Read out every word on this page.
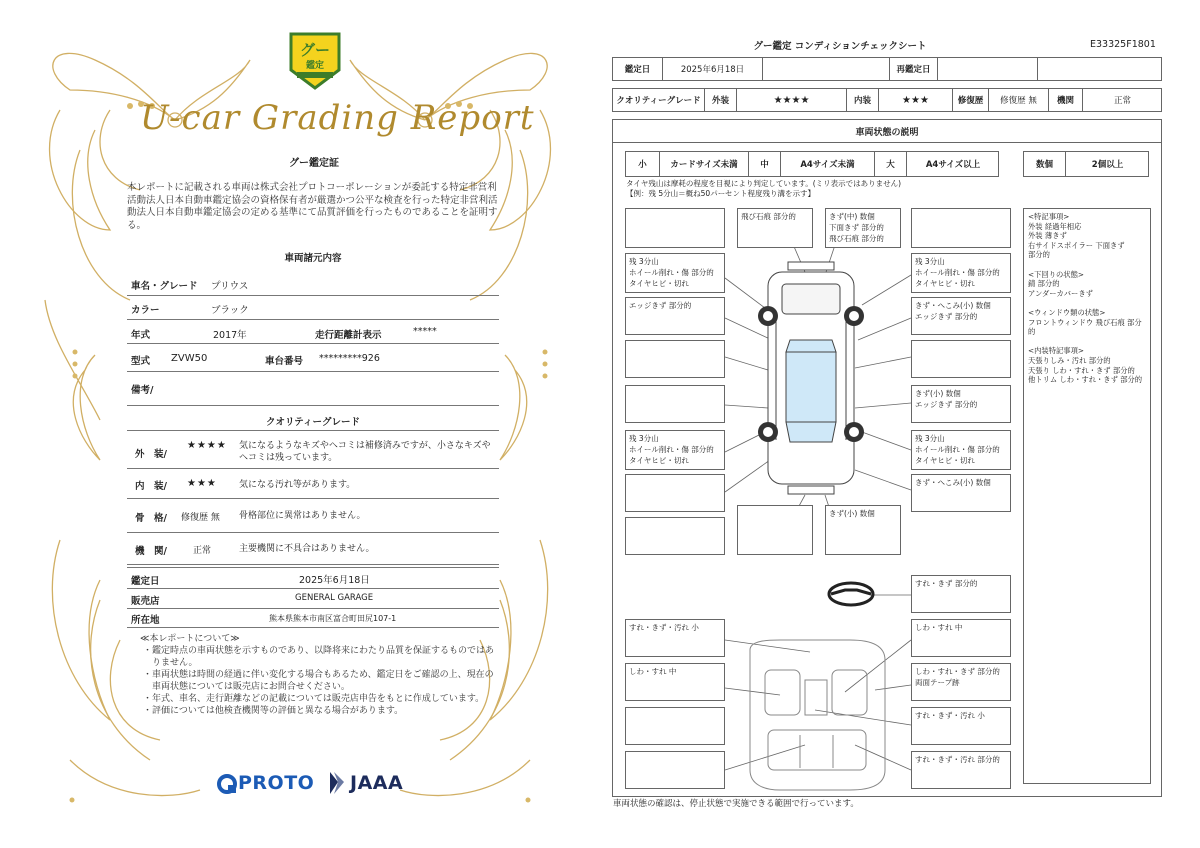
グー
鑑定
U-car Grading Report
グー鑑定証
本レポートに記載される車両は株式会社プロトコーポレーションが委託する特定非営利活動法人日本自動車鑑定協会の資格保有者が厳選かつ公平な検査を行った特定非営利活動法人日本自動車鑑定協会の定める基準にて品質評価を行ったものであることを証明する。
車両諸元内容
車名・グレード プリウス
カラー	ブラック
年式	2017年	走行距離計表示	*****
型式 ZVW50	車台番号 *********926
備考/
クオリティーグレード
外　装/
★★★★ 気になるようなキズやヘコミは補修済みですが、小さなキズやヘコミは残っています。
内　装/ ★★★ 気になる汚れ等があります。
骨　格/ 修復歴 無 骨格部位に異常はありません。
機　関/	正常	主要機関に不具合はありません。
鑑定日	2025年6月18日
販売店	GENERAL GARAGE
所在地	熊本県熊本市南区富合町田尻107-1
≪本レポートについて≫
・鑑定時点の車両状態を示すものであり、以降将来にわたり品質を保証するものではありません。
・車両状態は時間の経過に伴い変化する場合もあるため、鑑定日をご確認の上、現在の車両状態については販売店にお問合せください。
・年式、車名、走行距離などの記載については販売店申告をもとに作成しています。
・評価については他検査機関等の評価と異なる場合があります。
PROTO JAAA
グー鑑定 コンディションチェックシート	E33325F1801
鑑定日	2025年6月18日	再鑑定日
クオリティーグレード	外装	★★★★	内装	★★★	修復歴	修復歴 無	機関	正常
車両状態の説明
小	カードサイズ未満	中	A4サイズ未満	大	A4サイズ以上	数個	2個以上
タイヤ残山は摩耗の程度を目視により判定しています。(ミリ表示ではありません)
【例：残 5分山＝概ね50パーセント程度残り溝を示す】
飛び石痕 部分的	きず(中) 数個
下面きず 部分的
飛び石痕 部分的
残 3分山
ホイール削れ・傷 部分的
タイヤヒビ・切れ
残 3分山
ホイール削れ・傷 部分的
タイヤヒビ・切れ
エッジきず 部分的	きず・へこみ(小) 数個
エッジきず 部分的
きず(小) 数個
エッジきず 部分的
残 3分山
ホイール削れ・傷 部分的
タイヤヒビ・切れ
残 3分山
ホイール削れ・傷 部分的
タイヤヒビ・切れ
きず・へこみ(小) 数個
きず(小) 数個
すれ・きず 部分的
すれ・きず・汚れ 小	しわ・すれ 中
しわ・すれ 中	しわ・すれ・きず 部分的
両面テープ跡
すれ・きず・汚れ 小
すれ・きず・汚れ 部分的
<特記事項>
外装 経過年相応
外装 薄きず
右サイドスポイラー 下面きず
部分的
<下回りの状態>
錆 部分的
アンダーカバーきず
<ウィンドウ類の状態>
フロントウィンドウ 飛び石痕 部分的
<内装特記事項>
天張りしみ・汚れ 部分的
天張り しわ・すれ・きず 部分的
他トリム しわ・すれ・きず 部分的
車両状態の確認は、停止状態で実施できる範囲で行っています。
